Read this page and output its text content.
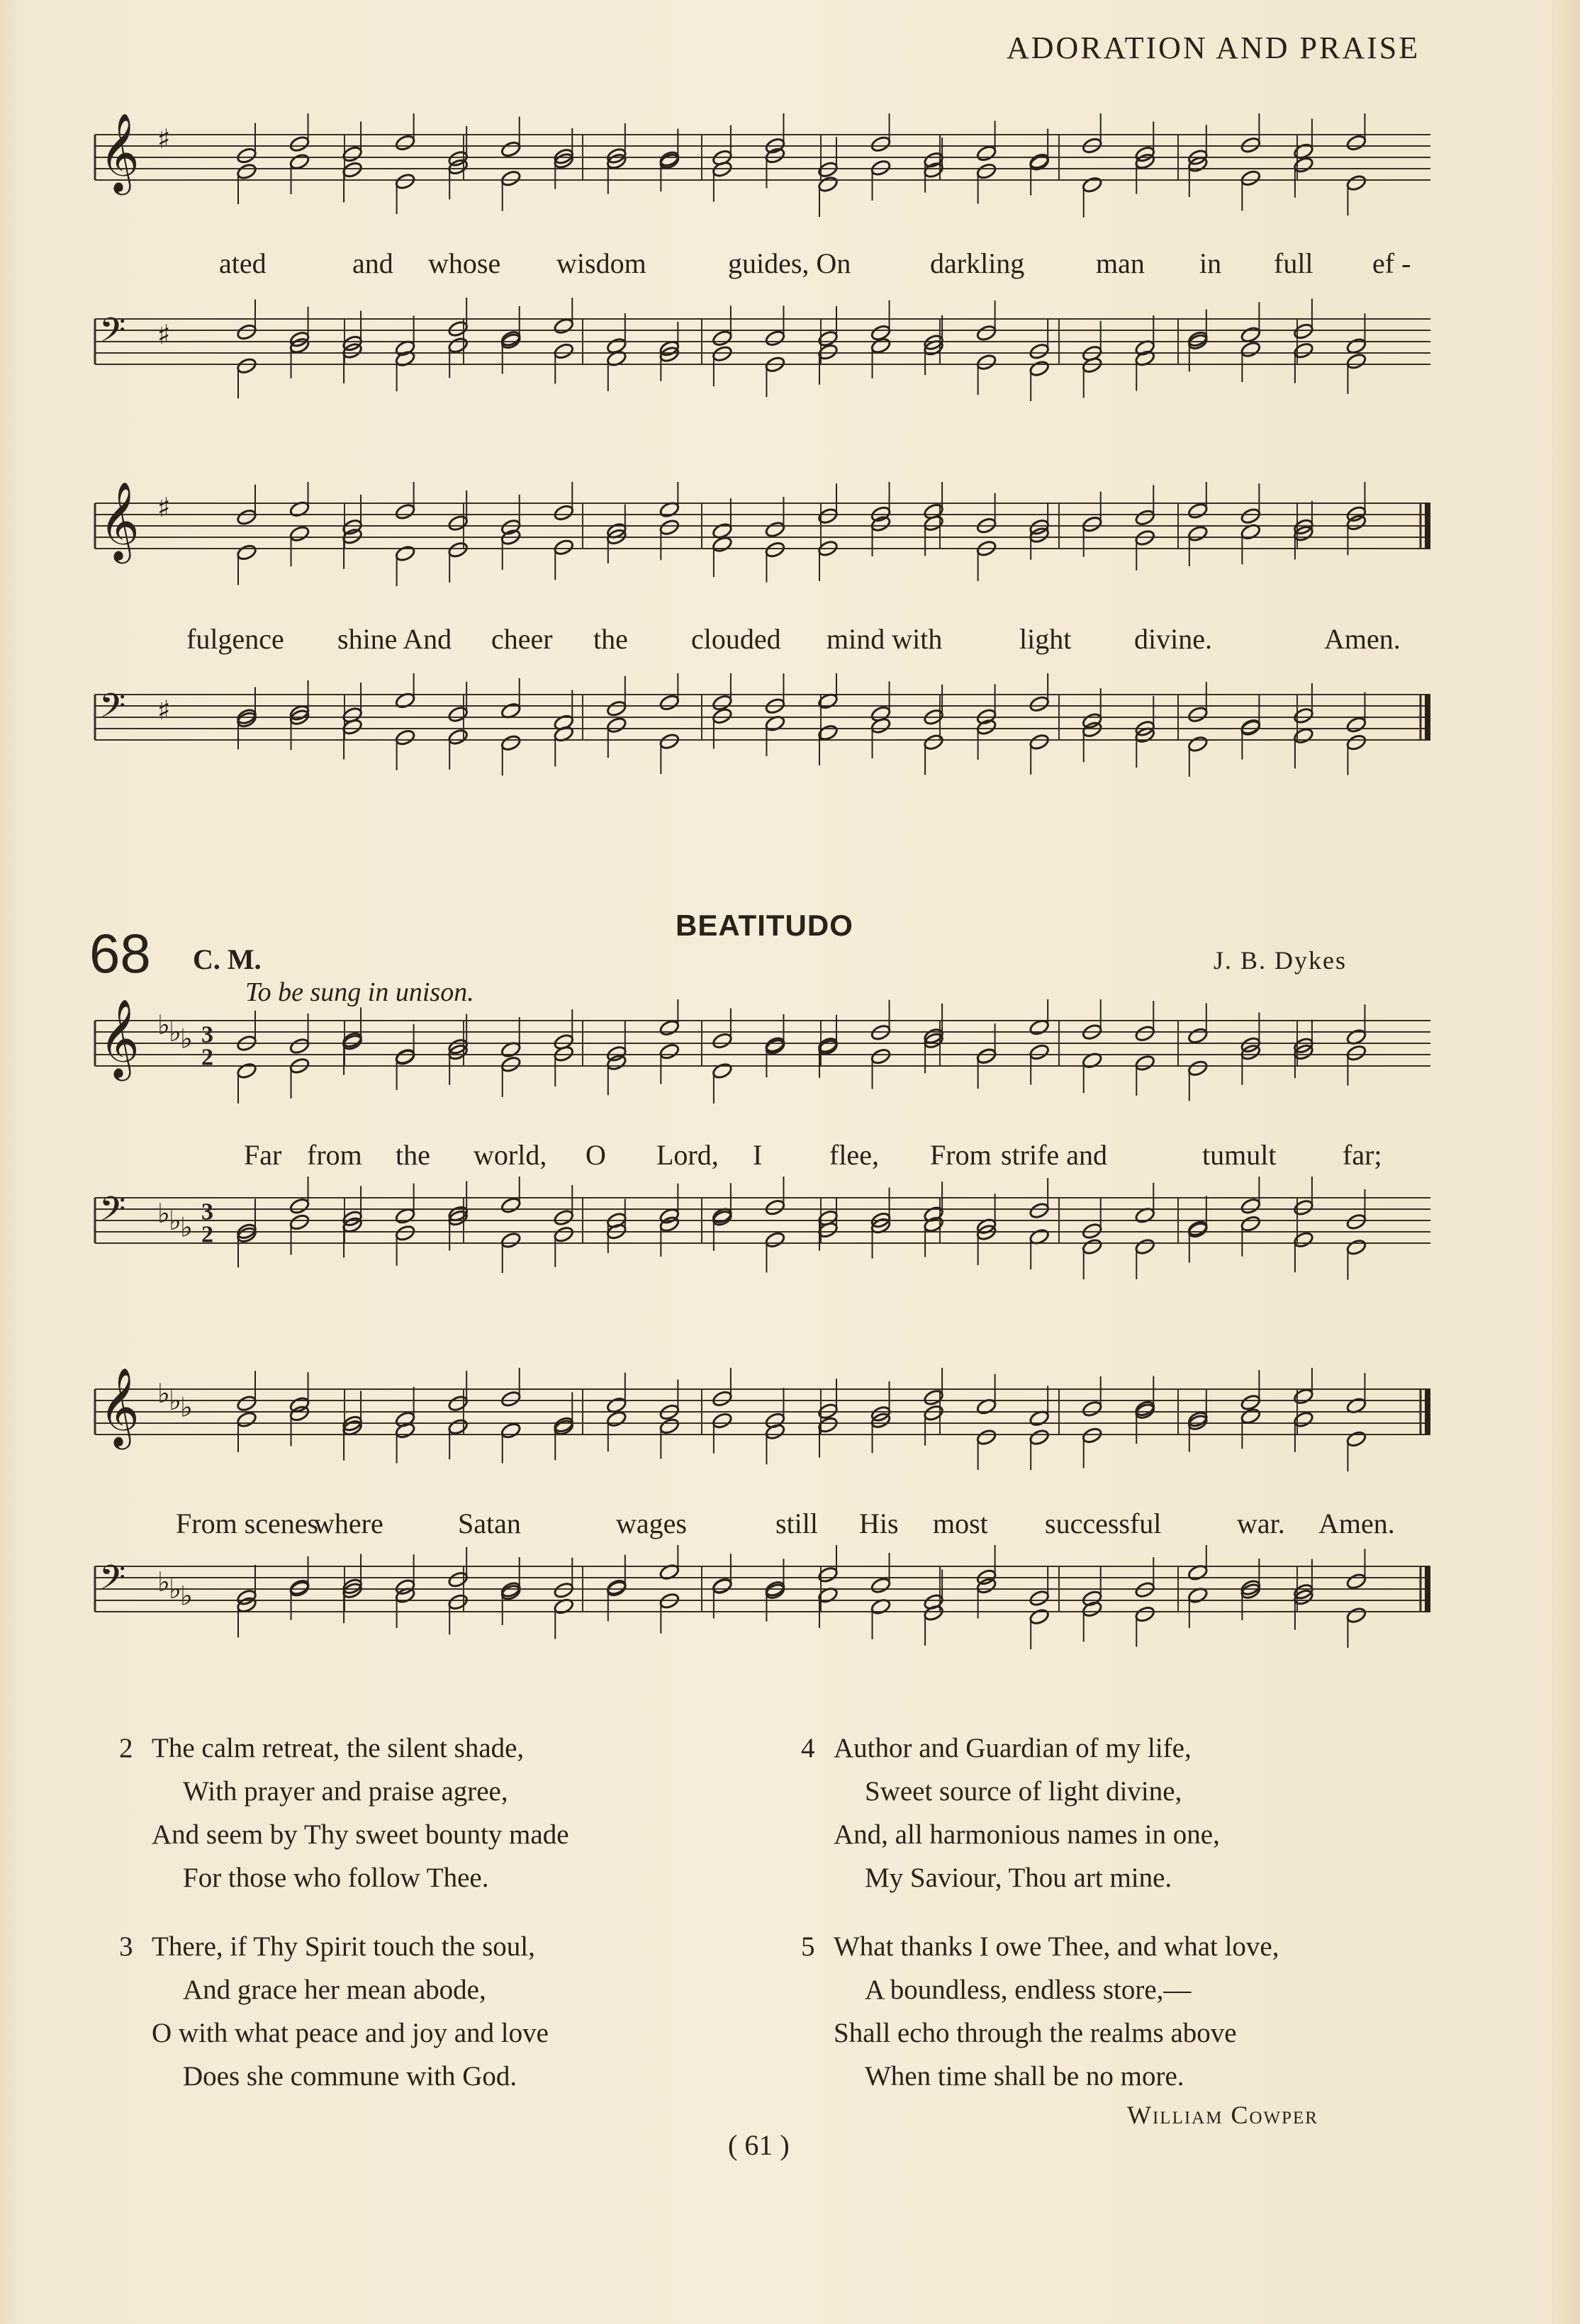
ADORATION AND PRAISE
𝄞 ♯
ated	and whose wisdom	guides, On	darkling	man in full ef -
𝄢 ♯
𝄞 ♯
fulgence shine And cheer the clouded mind with	light divine.	Amen.
𝄢 ♯
68 C. M.
BEATITUDO
J. B. Dykes
To be sung in unison.
𝄞 ♭
♭
♭ 3
2
Far from the world, O Lord, I flee, From strife and	tumult far;
𝄢 ♭
♭
♭ 3
2
𝄞 ♭
♭
♭
From scenes
where	Satan	wages	still His most successful	war. Amen.
𝄢 ♭
♭
♭
2 The calm retreat, the silent shade,
With prayer and praise agree,
And seem by Thy sweet bounty made
For those who follow Thee.
3 There, if Thy Spirit touch the soul,
And grace her mean abode,
O with what peace and joy and love
Does she commune with God.
4 Author and Guardian of my life,
Sweet source of light divine,
And, all harmonious names in one,
My Saviour, Thou art mine.
5 What thanks I owe Thee, and what love,
A boundless, endless store,—
Shall echo through the realms above
When time shall be no more.
William Cowper
( 61 )
